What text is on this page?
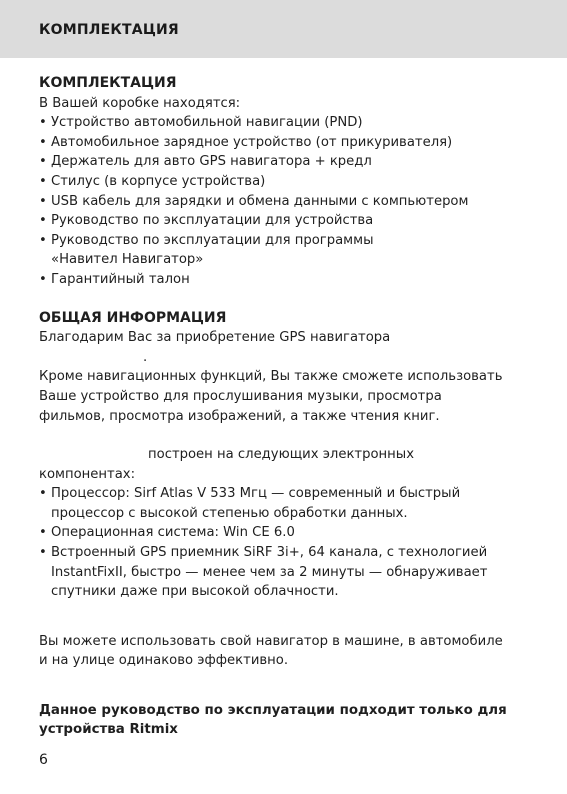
КОМПЛЕКТАЦИЯ
КОМПЛЕКТАЦИЯ
В Вашей коробке находятся:
• Устройство автомобильной навигации (PND)
• Автомобильное зарядное устройство (от прикуривателя)
• Держатель для авто GPS навигатора + кредл
• Стилус (в корпусе устройства)
• USB кабель для зарядки и обмена данными с компьютером
• Руководство по эксплуатации для устройства
• Руководство по эксплуатации для программы
«Навител Навигатор»
• Гарантийный талон
ОБЩАЯ ИНФОРМАЦИЯ
Благодарим Вас за приобретение GPS навигатора
.
Кроме навигационных функций, Вы также сможете использовать
Ваше устройство для прослушивания музыки, просмотра
фильмов, просмотра изображений, а также чтения книг.
построен на следующих электронных
компонентах:
• Процессор: Sirf Atlas V 533 Мгц — современный и быстрый
процессор с высокой степенью обработки данных.
• Операционная система: Win CE 6.0
• Встроенный GPS приемник SiRF 3i+, 64 канала, с технологией
InstantFixII, быстро — менее чем за 2 минуты — обнаруживает
спутники даже при высокой облачности.
Вы можете использовать свой навигатор в машине, в автомобиле
и на улице одинаково эффективно.
Данное руководство по эксплуатации подходит только для
устройства Ritmix
6
